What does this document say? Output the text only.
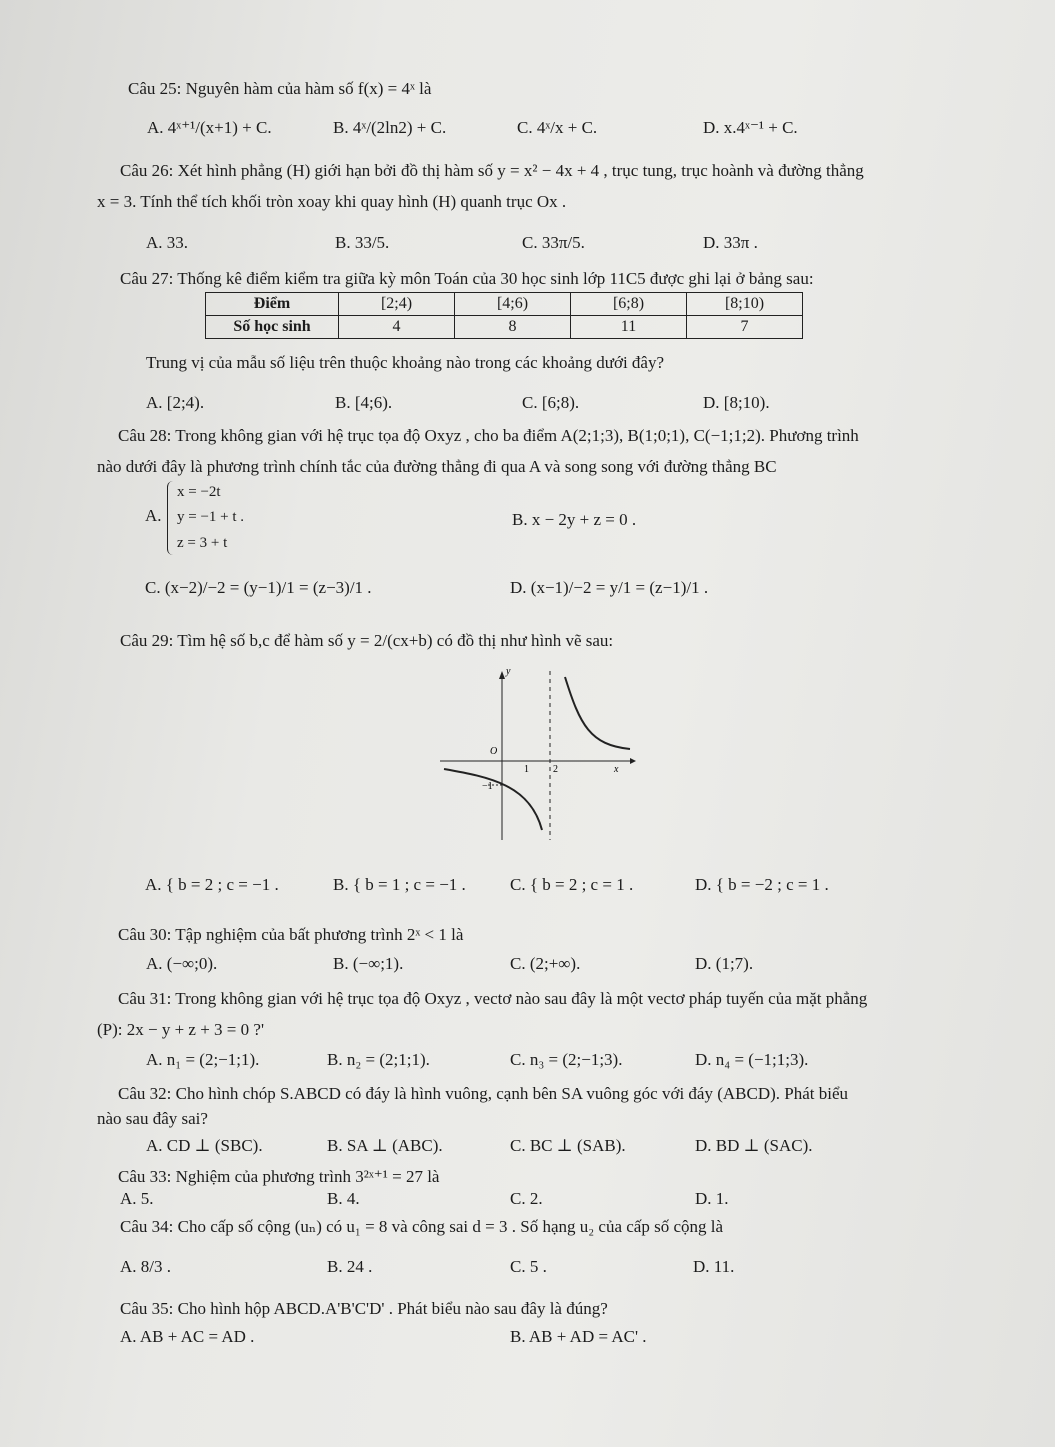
Câu 25: Nguyên hàm của hàm số f(x) = 4ˣ là
A. 4ˣ⁺¹/(x+1) + C.	B. 4ˣ/(2ln2) + C.	C. 4ˣ/x + C.	D. x.4ˣ⁻¹ + C.
Câu 26: Xét hình phẳng (H) giới hạn bởi đồ thị hàm số y = x² − 4x + 4 , trục tung, trục hoành và đường thẳng
x = 3. Tính thể tích khối tròn xoay khi quay hình (H) quanh trục Ox .
A. 33.	B. 33/5.	C. 33π/5.	D. 33π .
Câu 27: Thống kê điểm kiểm tra giữa kỳ môn Toán của 30 học sinh lớp 11C5 được ghi lại ở bảng sau:
Điểm	[2;4)	[4;6)	[6;8)	[8;10)
Số học sinh	4	8	11	7
Trung vị của mẫu số liệu trên thuộc khoảng nào trong các khoảng dưới đây?
A. [2;4).	B. [4;6).	C. [6;8).	D. [8;10).
Câu 28: Trong không gian với hệ trục tọa độ Oxyz , cho ba điểm A(2;1;3), B(1;0;1), C(−1;1;2). Phương trình
nào dưới đây là phương trình chính tắc của đường thẳng đi qua A và song song với đường thẳng BC
A.
x = −2t
y = −1 + t .
z = 3 + t
B. x − 2y + z = 0 .
C. (x−2)/−2 = (y−1)/1 = (z−3)/1 .	D. (x−1)/−2 = y/1 = (z−1)/1 .
Câu 29: Tìm hệ số b,c để hàm số y = 2/(cx+b) có đồ thị như hình vẽ sau:
y
x
O
1 2
−1
A. { b = 2 ; c = −1 .	B. { b = 1 ; c = −1 .	C. { b = 2 ; c = 1 .	D. { b = −2 ; c = 1 .
Câu 30: Tập nghiệm của bất phương trình 2ˣ < 1 là
A. (−∞;0).	B. (−∞;1).	C. (2;+∞).	D. (1;7).
Câu 31: Trong không gian với hệ trục tọa độ Oxyz , vectơ nào sau đây là một vectơ pháp tuyến của mặt phẳng
(P): 2x − y + z + 3 = 0 ?'
A. n₁ = (2;−1;1).	B. n₂ = (2;1;1).	C. n₃ = (2;−1;3).	D. n₄ = (−1;1;3).
Câu 32: Cho hình chóp S.ABCD có đáy là hình vuông, cạnh bên SA vuông góc với đáy (ABCD). Phát biểu
nào sau đây sai?
A. CD ⊥ (SBC).	B. SA ⊥ (ABC).	C. BC ⊥ (SAB).	D. BD ⊥ (SAC).
Câu 33: Nghiệm của phương trình 3²ˣ⁺¹ = 27 là
A. 5.	B. 4.	C. 2.	D. 1.
Câu 34: Cho cấp số cộng (uₙ) có u₁ = 8 và công sai d = 3 . Số hạng u₂ của cấp số cộng là
A. 8/3 .	B. 24 .	C. 5 .	D. 11.
Câu 35: Cho hình hộp ABCD.A'B'C'D' . Phát biểu nào sau đây là đúng?
A. AB + AC = AD .	B. AB + AD = AC' .
